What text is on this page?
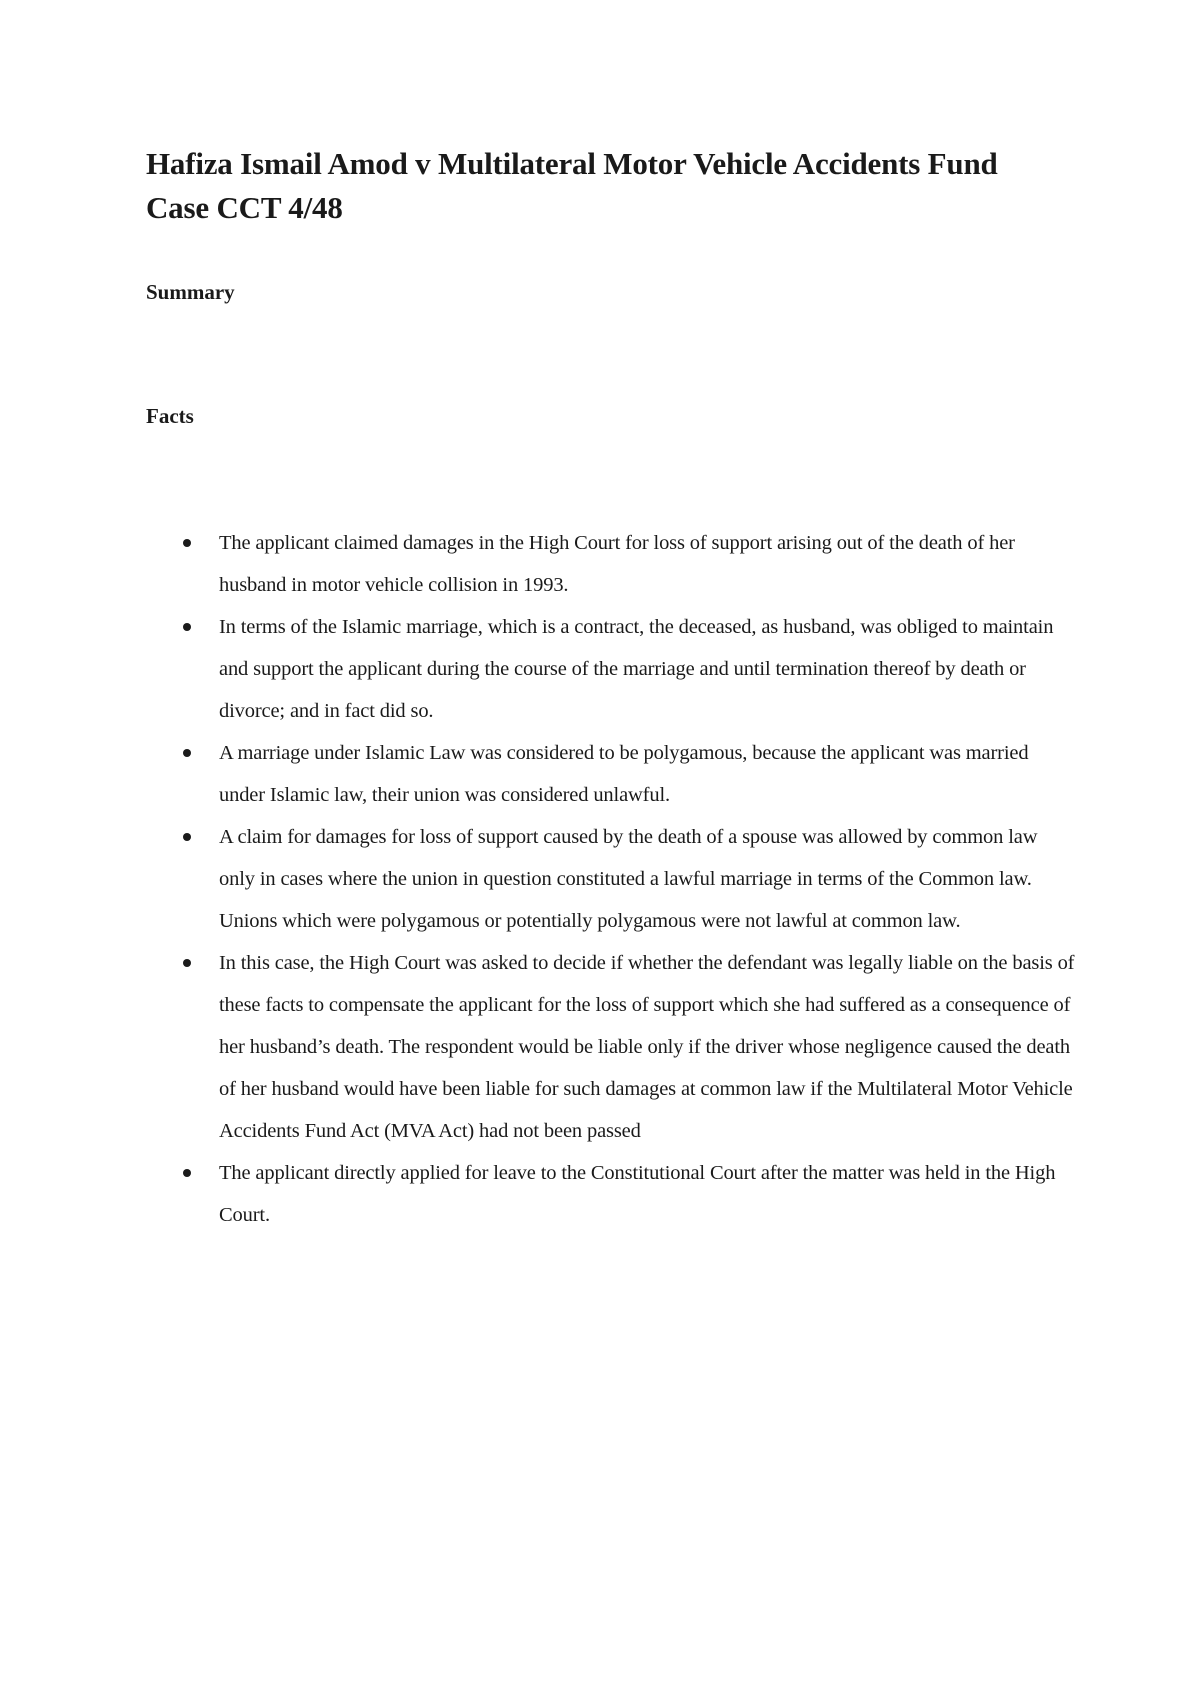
Hafiza Ismail Amod v Multilateral Motor Vehicle Accidents Fund
Case CCT 4/48
Summary
Facts
The applicant claimed damages in the High Court for loss of support arising out of the death of her husband in motor vehicle collision in 1993.
In terms of the Islamic marriage, which is a contract, the deceased, as husband, was obliged to maintain and support the applicant during the course of the marriage and until termination thereof by death or divorce; and in fact did so.
A marriage under Islamic Law was considered to be polygamous, because the applicant was married under Islamic law, their union was considered unlawful.
A claim for damages for loss of support caused by the death of a spouse was allowed by common law only in cases where the union in question constituted a lawful marriage in terms of the Common law. Unions which were polygamous or potentially polygamous were not lawful at common law.
In this case, the High Court was asked to decide if whether the defendant was legally liable on the basis of these facts to compensate the applicant for the loss of support which she had suffered as a consequence of her husband’s death. The respondent would be liable only if the driver whose negligence caused the death of her husband would have been liable for such damages at common law if the Multilateral Motor Vehicle Accidents Fund Act (MVA Act) had not been passed
The applicant directly applied for leave to the Constitutional Court after the matter was held in the High Court.
